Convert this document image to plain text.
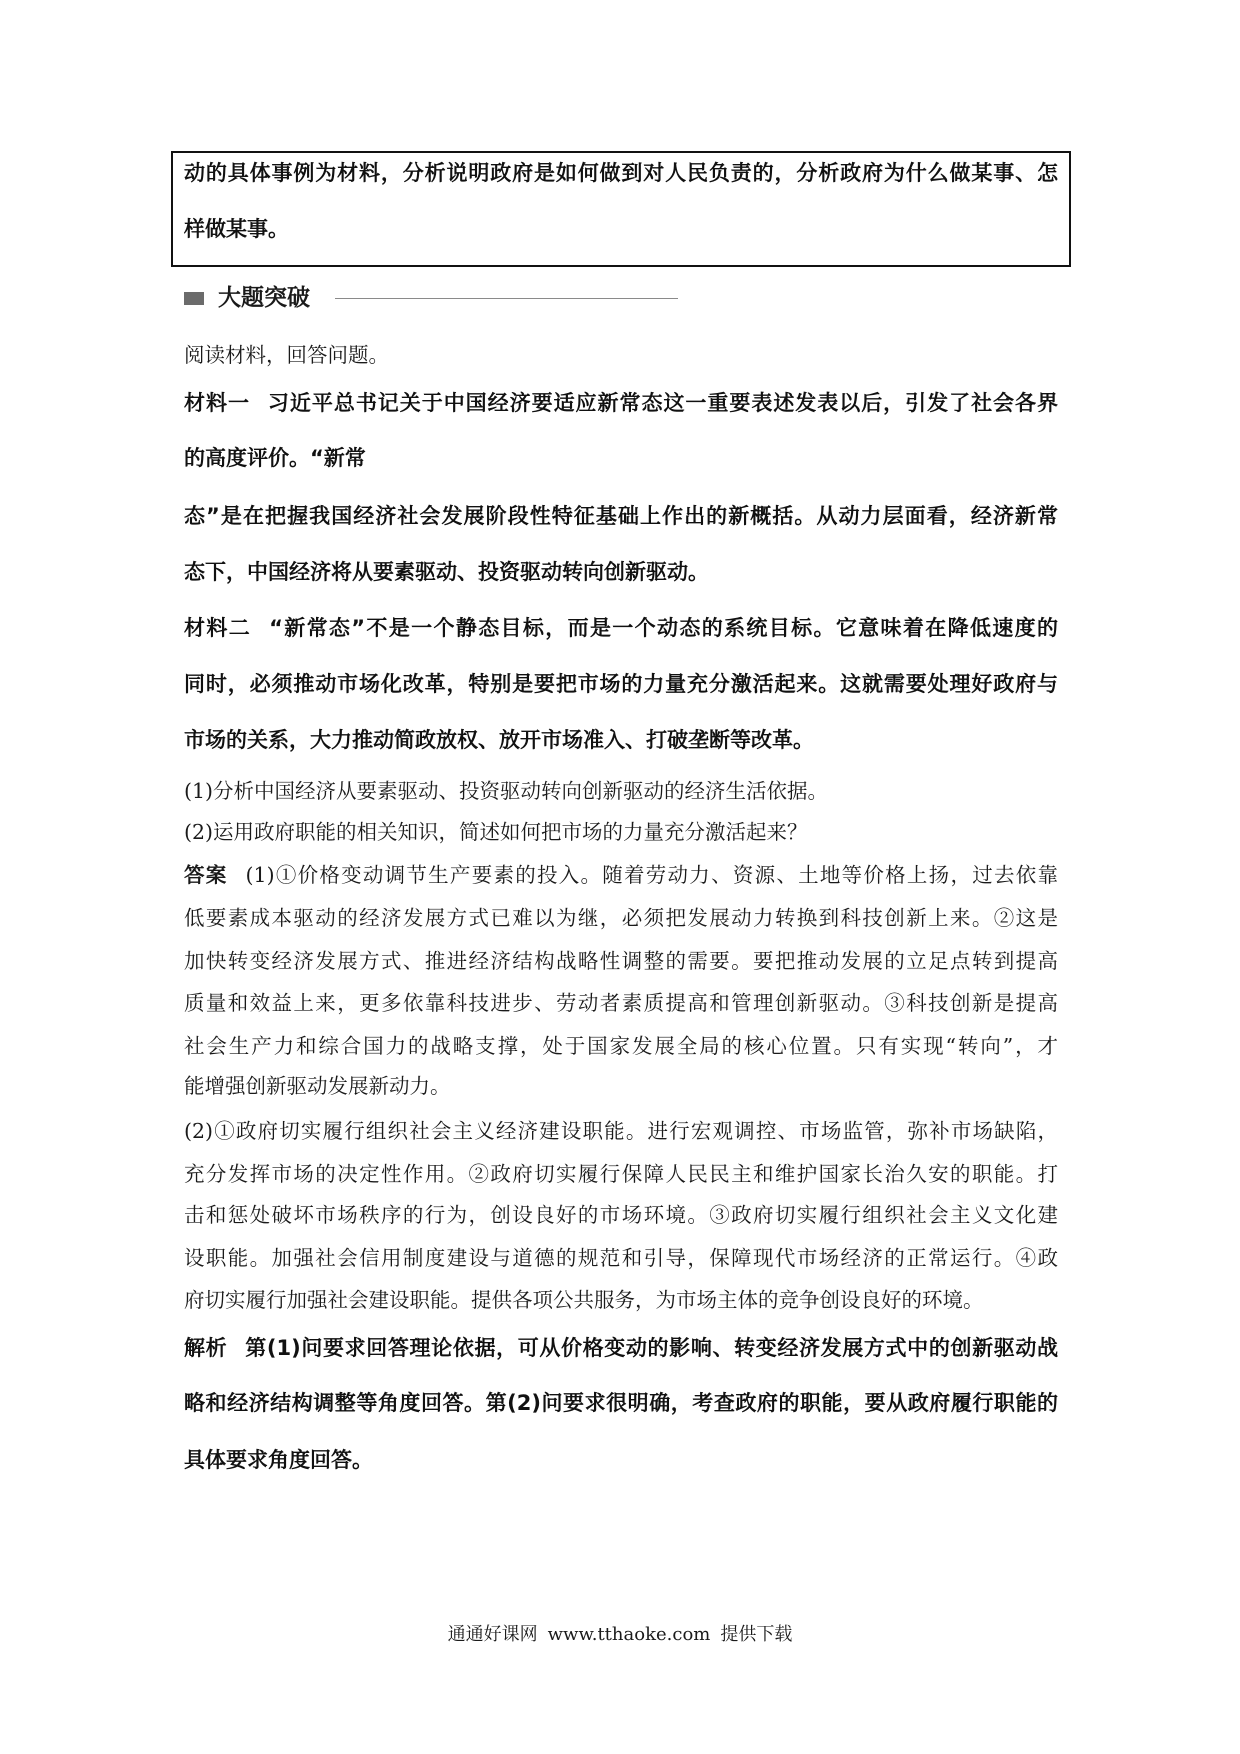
动的具体事例为材料，分析说明政府是如何做到对人民负责的，分析政府为什么做某事、怎
样做某事。
大题突破
阅读材料，回答问题。
材料一 习近平总书记关于中国经济要适应新常态这一重要表述发表以后，引发了社会各界
的高度评价。“新常
态”是在把握我国经济社会发展阶段性特征基础上作出的新概括。从动力层面看，经济新常
态下，中国经济将从要素驱动、投资驱动转向创新驱动。
材料二 “新常态”不是一个静态目标，而是一个动态的系统目标。它意味着在降低速度的
同时，必须推动市场化改革，特别是要把市场的力量充分激活起来。这就需要处理好政府与
市场的关系，大力推动简政放权、放开市场准入、打破垄断等改革。
(1)分析中国经济从要素驱动、投资驱动转向创新驱动的经济生活依据。
(2)运用政府职能的相关知识，简述如何把市场的力量充分激活起来？
答案 (1)①价格变动调节生产要素的投入。随着劳动力、资源、土地等价格上扬，过去依靠
低要素成本驱动的经济发展方式已难以为继，必须把发展动力转换到科技创新上来。②这是
加快转变经济发展方式、推进经济结构战略性调整的需要。要把推动发展的立足点转到提高
质量和效益上来，更多依靠科技进步、劳动者素质提高和管理创新驱动。③科技创新是提高
社会生产力和综合国力的战略支撑，处于国家发展全局的核心位置。只有实现“转向”，才
能增强创新驱动发展新动力。
(2)①政府切实履行组织社会主义经济建设职能。进行宏观调控、市场监管，弥补市场缺陷，
充分发挥市场的决定性作用。②政府切实履行保障人民民主和维护国家长治久安的职能。打
击和惩处破坏市场秩序的行为，创设良好的市场环境。③政府切实履行组织社会主义文化建
设职能。加强社会信用制度建设与道德的规范和引导，保障现代市场经济的正常运行。④政
府切实履行加强社会建设职能。提供各项公共服务，为市场主体的竞争创设良好的环境。
解析 第(1)问要求回答理论依据，可从价格变动的影响、转变经济发展方式中的创新驱动战
略和经济结构调整等角度回答。第(2)问要求很明确，考查政府的职能，要从政府履行职能的
具体要求角度回答。
通通好课网 www.tthaoke.com 提供下载
